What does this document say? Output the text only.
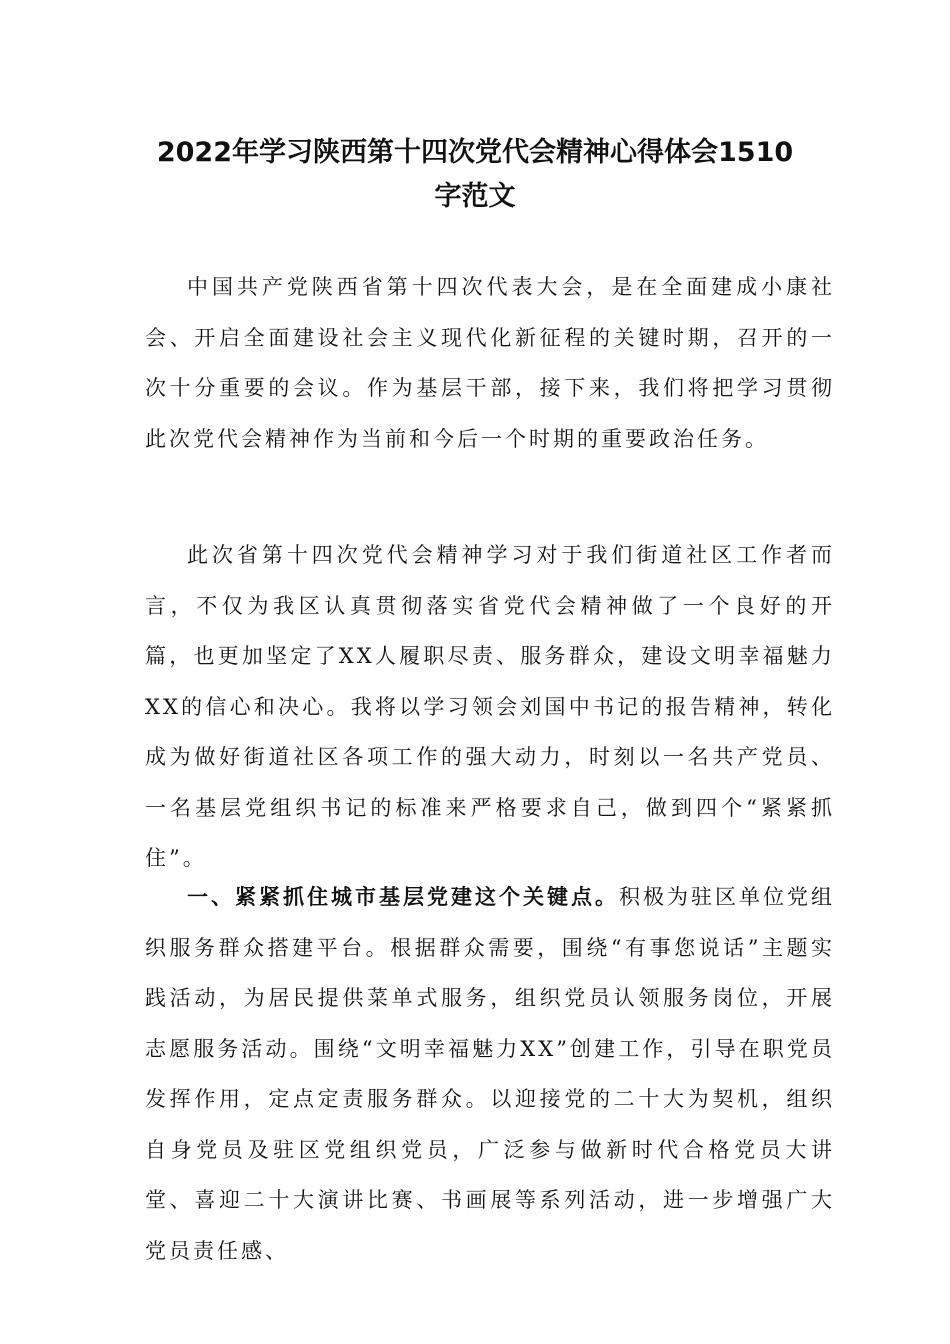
2022年学习陕西第十四次党代会精神心得体会1510
字范文

中国共产党陕西省第十四次代表大会，是在全面建成小康社会、开启全面建设社会主义现代化新征程的关键时期，召开的一次十分重要的会议。作为基层干部，接下来，我们将把学习贯彻此次党代会精神作为当前和今后一个时期的重要政治任务。

此次省第十四次党代会精神学习对于我们街道社区工作者而言，不仅为我区认真贯彻落实省党代会精神做了一个良好的开篇，也更加坚定了XX人履职尽责、服务群众，建设文明幸福魅力XX的信心和决心。我将以学习领会刘国中书记的报告精神，转化成为做好街道社区各项工作的强大动力，时刻以一名共产党员、一名基层党组织书记的标准来严格要求自己，做到四个“紧紧抓住”。

一、紧紧抓住城市基层党建这个关键点。积极为驻区单位党组织服务群众搭建平台。根据群众需要，围绕“有事您说话”主题实践活动，为居民提供菜单式服务，组织党员认领服务岗位，开展志愿服务活动。围绕“文明幸福魅力XX”创建工作，引导在职党员发挥作用，定点定责服务群众。以迎接党的二十大为契机，组织自身党员及驻区党组织党员，广泛参与做新时代合格党员大讲堂、喜迎二十大演讲比赛、书画展等系列活动，进一步增强广大党员责任感、
